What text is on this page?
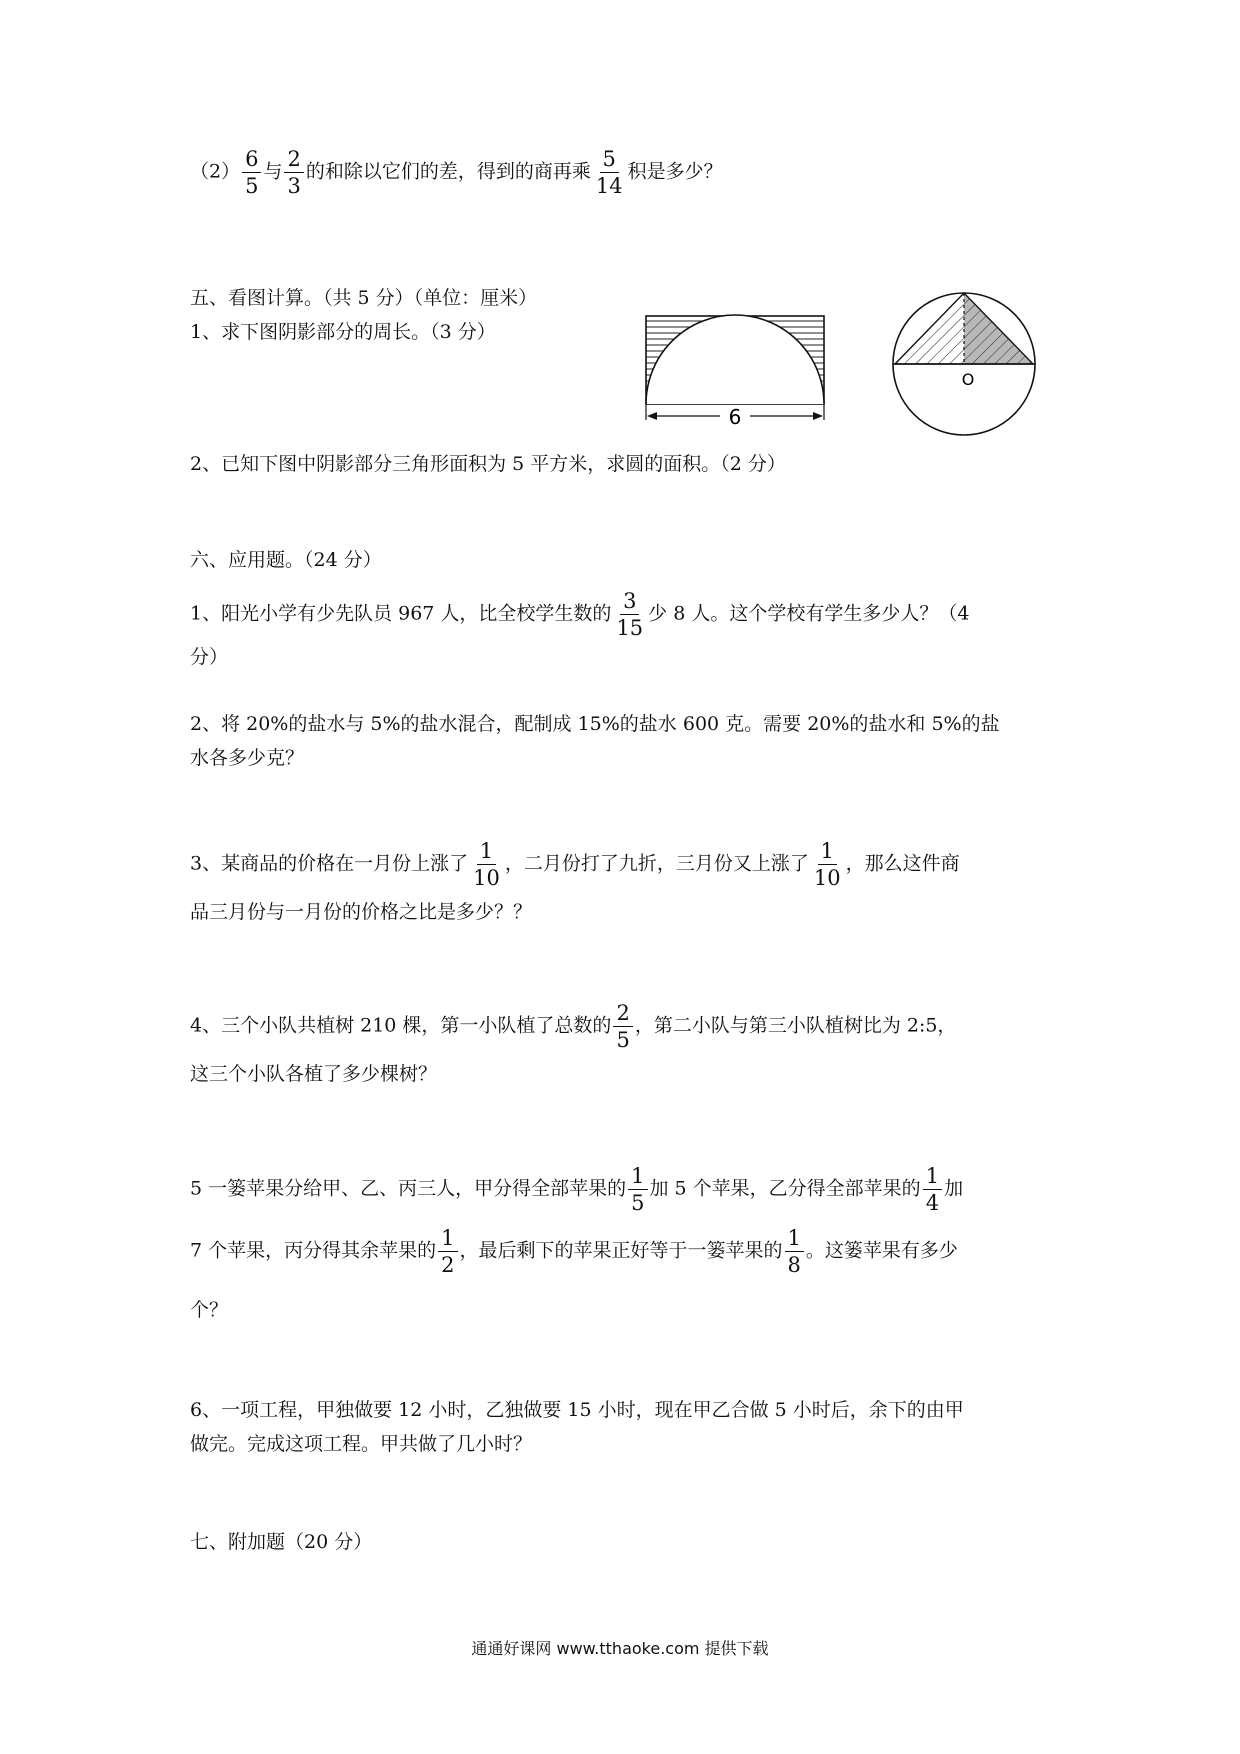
$(2) \frac{6}{5}$ 与 $\frac{2}{3}$ 的和除以它们的差，得到的商再乘 $\frac{5}{14}$ 积是多少？
五、看图计算。（共 5 分）（单位：厘米）
1、求下图阴影部分的周长。（3 分）
6
O
2、已知下图中阴影部分三角形面积为 5 平方米，求圆的面积。（2 分）
六、应用题。（24 分）
1、阳光小学有少先队员 967 人，比全校学生数的 $\frac{3}{15}$ 少 8 人。这个学校有学生多少人？（4
分）
2、将 20%的盐水与 5%的盐水混合，配制成 15%的盐水 600 克。需要 20%的盐水和 5%的盐
水各多少克？
3、某商品的价格在一月份上涨了 $\frac{1}{10}$ ，二月份打了九折，三月份又上涨了 $\frac{1}{10}$ ，那么这件商
品三月份与一月份的价格之比是多少？？
4、三个小队共植树 210 棵，第一小队植了总数的 $\frac{2}{5}$ ，第二小队与第三小队植树比为 2:5，
这三个小队各植了多少棵树？
5 一篓苹果分给甲、乙、丙三人，甲分得全部苹果的 $\frac{1}{5}$ 加 5 个苹果，乙分得全部苹果的 $\frac{1}{4}$ 加
7 个苹果，丙分得其余苹果的 $\frac{1}{2}$ ，最后剩下的苹果正好等于一篓苹果的 $\frac{1}{8}$ 。这篓苹果有多少
个？
6、一项工程，甲独做要 12 小时，乙独做要 15 小时，现在甲乙合做 5 小时后，余下的由甲
做完。完成这项工程。甲共做了几小时？
七、附加题（20 分）
通通好课网 www.tthaoke.com 提供下载
